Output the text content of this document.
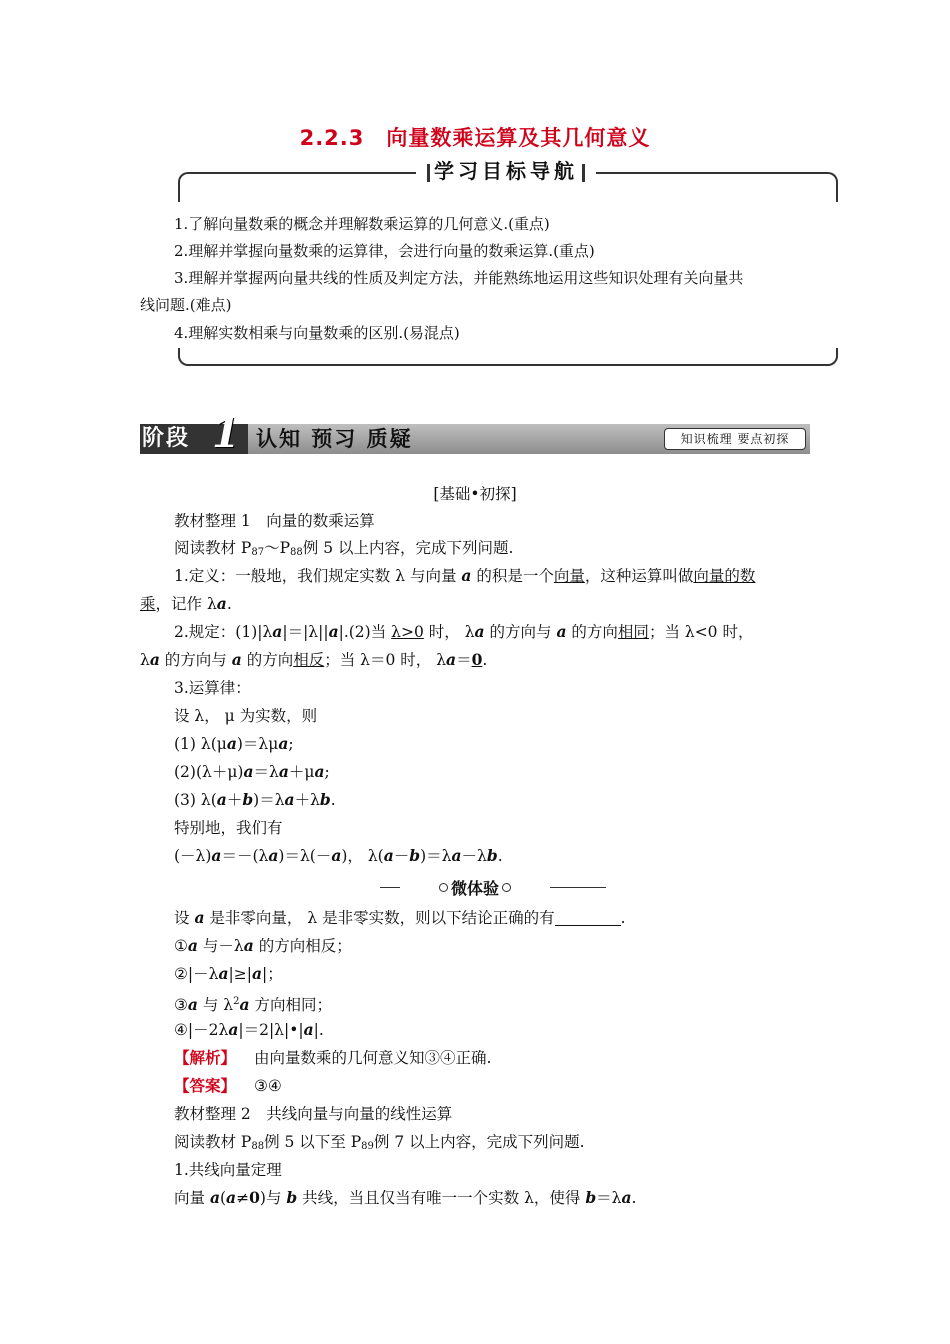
2.2.3　向量数乘运算及其几何意义
学习目标导航
1.了解向量数乘的概念并理解数乘运算的几何意义.(重点)
2.理解并掌握向量数乘的运算律，会进行向量的数乘运算.(重点)
3.理解并掌握两向量共线的性质及判定方法，并能熟练地运用这些知识处理有关向量共
线问题.(难点)
4.理解实数相乘与向量数乘的区别.(易混点)
阶段 1 认知 预习 质疑	知识梳理 要点初探
[基础•初探]
教材整理 1　向量的数乘运算
阅读教材 $P_{87}\sim P_{88}$例 5 以上内容，完成下列问题.
1.定义：一般地，我们规定实数 λ 与向量 a 的积是一个向量，这种运算叫做向量的数
乘，记作 λa.
2.规定：(1)|λa|＝|λ||a|.(2)当 λ>0 时， λa 的方向与 a 的方向相同；当 λ<0 时，
λa 的方向与 a 的方向相反；当 λ＝0 时， λa＝0.
3.运算律：
设 λ， μ 为实数，则
(1) λ(μa)＝λμa;
(2)(λ＋μ)a＝λa＋μa;
(3) λ(a＋b)＝λa＋λb.
特别地，我们有
(－λ)a＝－(λa)＝λ(－a)， λ(a－b)＝λa－λb.
微体验
设 a 是非零向量， λ 是非零实数，则以下结论正确的有	.
①a 与－λa 的方向相反；
②|－λa|≥|a|；
③a 与 $\lambda^2a$ 方向相同；
④|－2λa|＝2|λ|•|a|.
【解析】 由向量数乘的几何意义知③④正确.
【答案】 ③④
教材整理 2　共线向量与向量的线性运算
阅读教材 $P_{88}$例 5 以下至 $P_{89}$例 7 以上内容，完成下列问题.
1.共线向量定理
向量 a(a≠0)与 b 共线，当且仅当有唯一一个实数 λ，使得 b＝λa.
